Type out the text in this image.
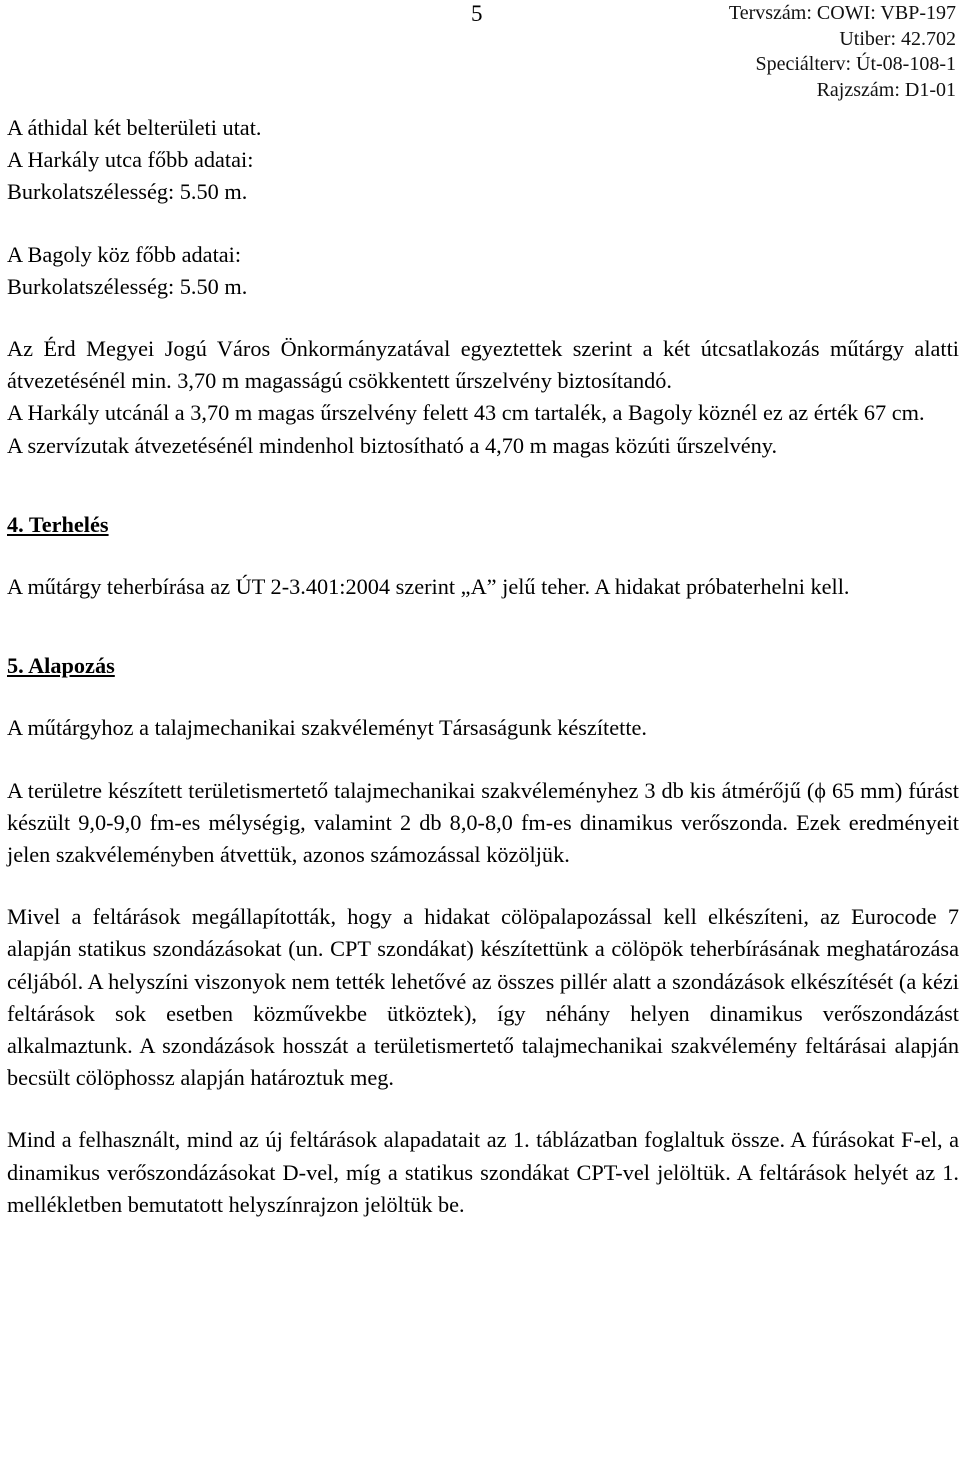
5	Tervszám: COWI: VBP-197
Utiber: 42.702
Speciálterv: Út-08-108-1
Rajzszám: D1-01

A áthidal két belterületi utat.

A Harkály utca főbb adatai:

Burkolatszélesség: 5.50 m.

A Bagoly köz főbb adatai:

Burkolatszélesség: 5.50 m.

Az Érd Megyei Jogú Város Önkormányzatával egyeztettek szerint a két útcsatlakozás műtárgy alatti átvezetésénél min. 3,70 m magasságú csökkentett űrszelvény biztosítandó.

A Harkály utcánál a 3,70 m magas űrszelvény felett 43 cm tartalék, a Bagoly köznél ez az érték 67 cm.

A szervízutak átvezetésénél mindenhol biztosítható a 4,70 m magas közúti űrszelvény.

4. Terhelés

A műtárgy teherbírása az ÚT 2-3.401:2004 szerint „A” jelű teher. A hidakat próbaterhelni kell.

5. Alapozás

A műtárgyhoz a talajmechanikai szakvéleményt Társaságunk készítette.

A területre készített területismertető talajmechanikai szakvéleményhez 3 db kis átmérőjű (ϕ 65 mm) fúrást készült 9,0-9,0 fm-es mélységig, valamint 2 db 8,0-8,0 fm-es dinamikus verőszonda. Ezek eredményeit jelen szakvéleményben átvettük, azonos számozással közöljük.

Mivel a feltárások megállapították, hogy a hidakat cölöpalapozással kell elkészíteni, az Eurocode 7 alapján statikus szondázásokat (un. CPT szondákat) készítettünk a cölöpök teherbírásának meghatározása céljából. A helyszíni viszonyok nem tették lehetővé az összes pillér alatt a szondázások elkészítését (a kézi feltárások sok esetben közművekbe ütköztek), így néhány helyen dinamikus verőszondázást alkalmaztunk. A szondázások hosszát a területismertető talajmechanikai szakvélemény feltárásai alapján becsült cölöphossz alapján határoztuk meg.

Mind a felhasznált, mind az új feltárások alapadatait az 1. táblázatban foglaltuk össze. A fúrásokat F-el, a dinamikus verőszondázásokat D-vel, míg a statikus szondákat CPT-vel jelöltük. A feltárások helyét az 1. mellékletben bemutatott helyszínrajzon jelöltük be.
